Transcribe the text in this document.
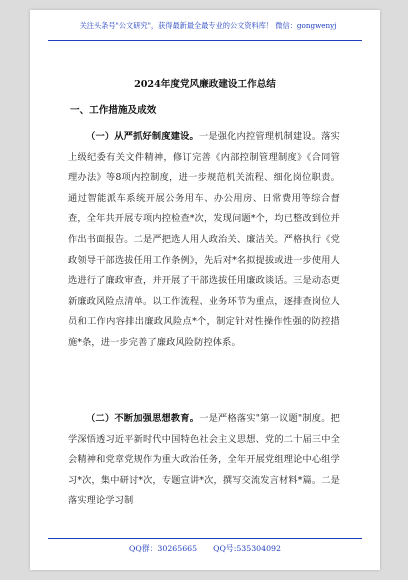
关注头条号"公文研究"，获得最新最全最专业的公文资料库！ 微信：gongwenyj
2024年度党风廉政建设工作总结
一、工作措施及成效
（一）从严抓好制度建设。一是强化内控管理机制建设。落实上级纪委有关文件精神，修订完善《内部控制管理制度》《合同管理办法》等8项内控制度，进一步规范机关流程、细化岗位职责。通过智能派车系统开展公务用车、办公用房、日常费用等综合督查，全年共开展专项内控检查*次，发现问题*个，均已整改到位并作出书面报告。二是严把选人用人政治关、廉洁关。严格执行《党政领导干部选拔任用工作条例》，先后对*名拟提拔或进一步使用人选进行了廉政审查，并开展了干部选拔任用廉政谈话。三是动态更新廉政风险点清单。以工作流程、业务环节为重点，逐排查岗位人员和工作内容排出廉政风险点*个，制定针对性操作性强的防控措施*条，进一步完善了廉政风险防控体系。
（二）不断加强思想教育。一是严格落实"第一议题"制度。把学深悟透习近平新时代中国特色社会主义思想、党的二十届三中全会精神和党章党规作为重大政治任务，全年开展党组理论中心组学习*次，集中研讨*次，专题宣讲*次，撰写交流发言材料*篇。二是落实理论学习制
QQ群：30265665 QQ号:535304092
